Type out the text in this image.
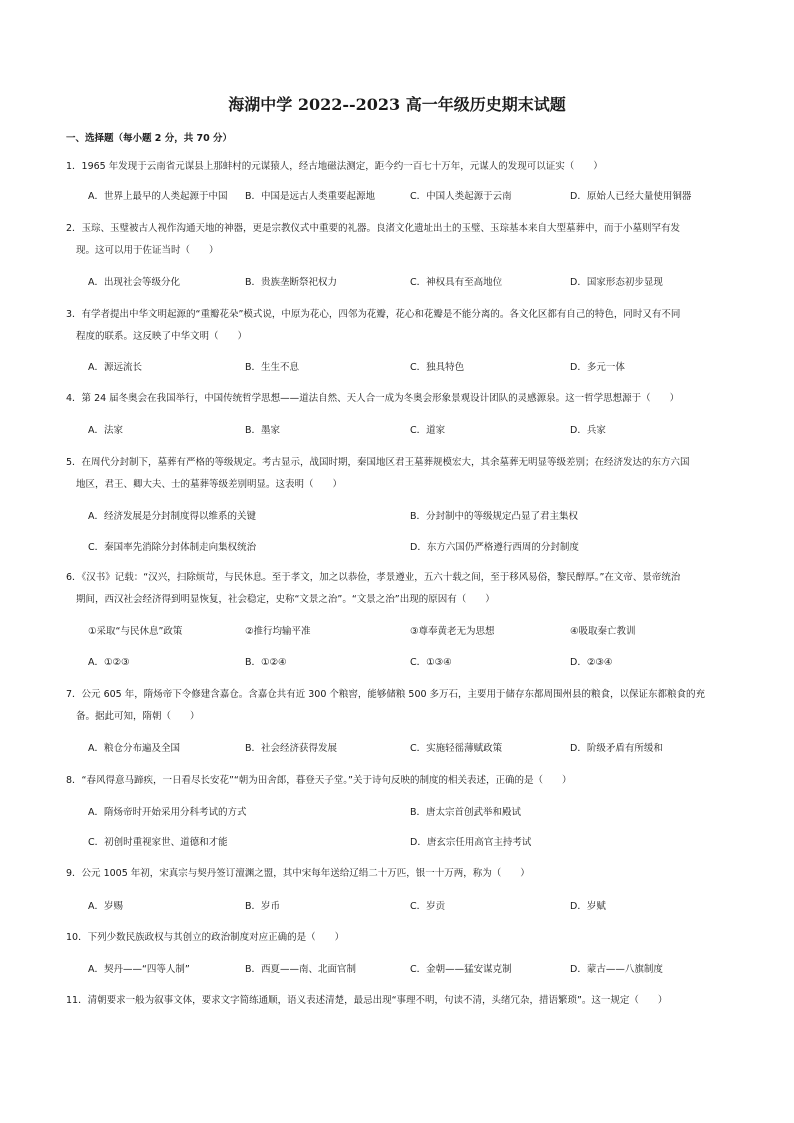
海湖中学 2022--2023 高一年级历史期末试题
一、选择题（每小题 2 分，共 70 分）
1．1965 年发现于云南省元谋县上那蚌村的元谋猿人，经古地磁法测定，距今约一百七十万年，元谋人的发现可以证实（　　）
A．世界上最早的人类起源于中国 B．中国是远古人类重要起源地	C．中国人类起源于云南	D．原始人已经大量使用铜器
2．玉琮、玉璧被古人视作沟通天地的神器，更是宗教仪式中重要的礼器。良渚文化遗址出土的玉璧、玉琮基本来自大型墓葬中，而于小墓则罕有发
现。这可以用于佐证当时（　　）
A．出现社会等级分化	B．贵族垄断祭祀权力	C．神权具有至高地位	D．国家形态初步显现
3．有学者提出中华文明起源的“重瓣花朵”模式说，中原为花心，四邻为花瓣，花心和花瓣是不能分离的。各文化区都有自己的特色，同时又有不同
程度的联系。这反映了中华文明（　　）
A．源远流长	B．生生不息	C．独具特色	D．多元一体
4．第 24 届冬奥会在我国举行，中国传统哲学思想——道法自然、天人合一成为冬奥会形象景观设计团队的灵感源泉。这一哲学思想源于（　　）
A．法家	B．墨家	C．道家	D．兵家
5．在周代分封制下，墓葬有严格的等级规定。考古显示，战国时期，秦国地区君王墓葬规模宏大，其余墓葬无明显等级差别；在经济发达的东方六国
地区，君王、卿大夫、士的墓葬等级差别明显。这表明（　　）
A．经济发展是分封制度得以维系的关键	B．分封制中的等级规定凸显了君主集权
C．秦国率先消除分封体制走向集权统治	D．东方六国仍严格遵行西周的分封制度
6．《汉书》记载：“汉兴，扫除烦苛，与民休息。至于孝文，加之以恭俭，孝景遵业，五六十载之间，至于移风易俗，黎民醇厚。”在文帝、景帝统治
期间，西汉社会经济得到明显恢复，社会稳定，史称“文景之治”。“文景之治”出现的原因有（　　）
①采取“与民休息”政策	②推行均输平准	③尊奉黄老无为思想	④吸取秦亡教训
A．①②③	B．①②④	C．①③④	D．②③④
7．公元 605 年，隋炀帝下令修建含嘉仓。含嘉仓共有近 300 个粮窖，能够储粮 500 多万石，主要用于储存东都周围州县的粮食，以保证东都粮食的充
备。据此可知，隋朝（　　）
A．粮仓分布遍及全国	B．社会经济获得发展	C．实施轻徭薄赋政策	D．阶级矛盾有所缓和
8．“春风得意马蹄疾，一日看尽长安花”“朝为田舍郎，暮登天子堂。”关于诗句反映的制度的相关表述，正确的是（　　）
A．隋炀帝时开始采用分科考试的方式	B．唐太宗首创武举和殿试
C．初创时重视家世、道德和才能	D．唐玄宗任用高官主持考试
9．公元 1005 年初，宋真宗与契丹签订澶渊之盟，其中宋每年送给辽绢二十万匹，银一十万两，称为（　　）
A．岁赐	B．岁币	C．岁贡	D．岁赋
10．下列少数民族政权与其创立的政治制度对应正确的是（　　）
A．契丹——“四等人制”	B．西夏——南、北面官制	C．金朝——猛安谋克制	D．蒙古——八旗制度
11．清朝要求一般为叙事文体，要求文字简练通顺，语义表述清楚，最忌出现“事理不明，句读不清，头绪冗杂，措语繁琐”。这一规定（　　）
